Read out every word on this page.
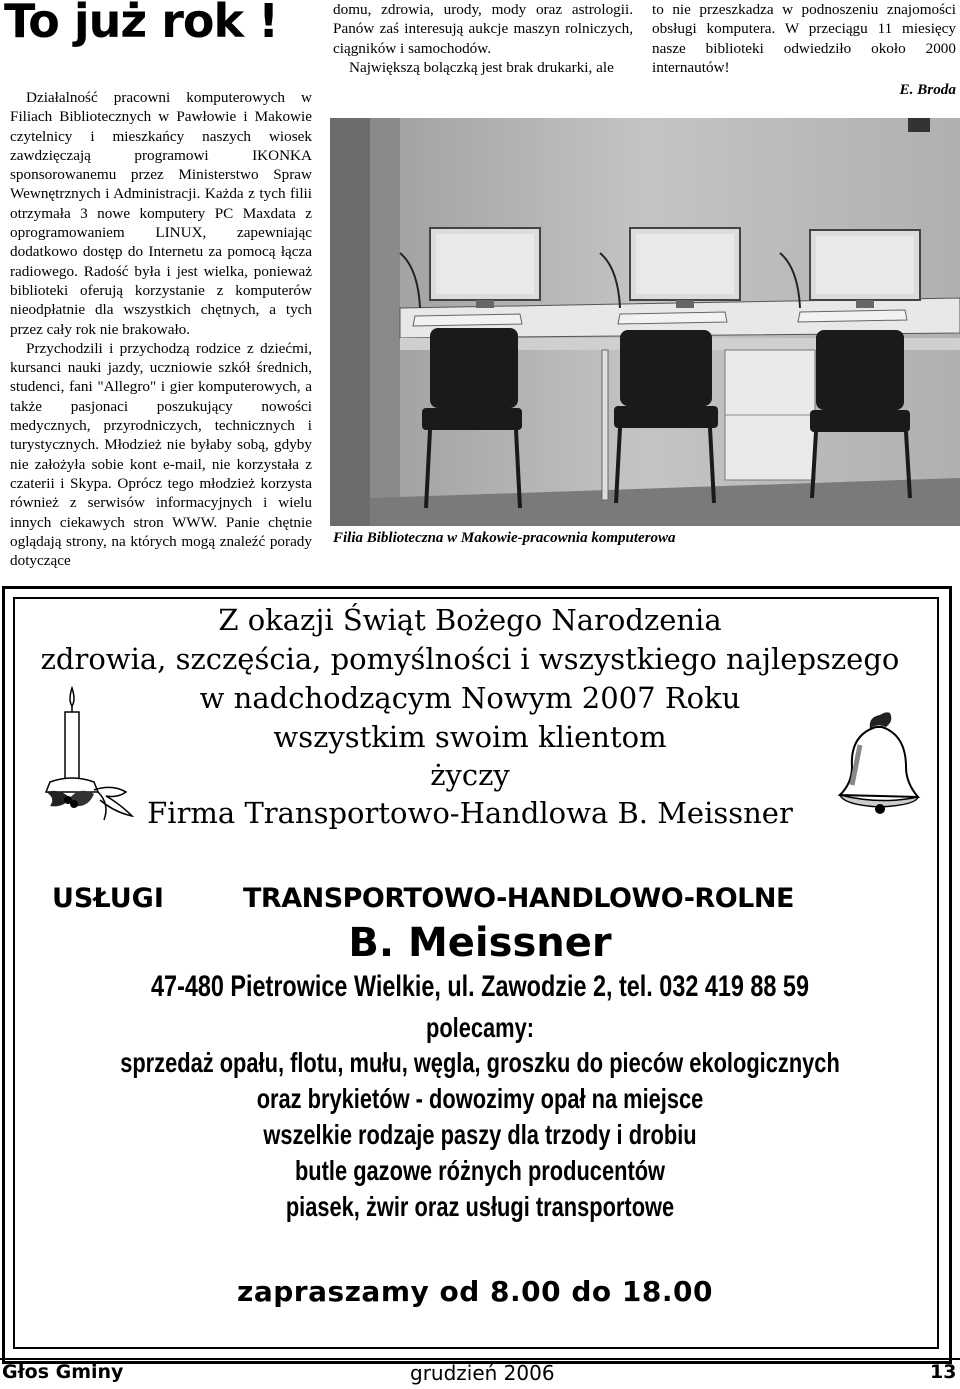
To już rok !

Działalność pracowni komputerowych w Filiach Bibliotecznych w Pawłowie i Makowie czytelnicy i mieszkańcy naszych wiosek zawdzięczają programowi IKONKA sponsorowanemu przez Ministerstwo Spraw Wewnętrznych i Administracji. Każda z tych filii otrzymała 3 nowe komputery PC Maxdata z oprogramowaniem LINUX, zapewniając dodatkowo dostęp do Internetu za pomocą łącza radiowego. Radość była i jest wielka, ponieważ biblioteki oferują korzystanie z komputerów nieodpłatnie dla wszystkich chętnych, a tych przez cały rok nie brakowało.

Przychodzili i przychodzą rodzice z dziećmi, kursanci nauki jazdy, uczniowie szkół średnich, studenci, fani "Allegro" i gier komputerowych, a także pasjonaci poszukujący nowości medycznych, przyrodniczych, technicznych i turystycznych. Młodzież nie byłaby sobą, gdyby nie założyła sobie kont e-mail, nie korzystała z czaterii i Skypa. Oprócz tego młodzież korzysta również z serwisów informacyjnych i wielu innych ciekawych stron WWW. Panie chętnie oglądają strony, na których mogą znaleźć porady dotyczące

domu, zdrowia, urody, mody oraz astrologii. Panów zaś interesują aukcje maszyn rolniczych, ciągników i samochodów.

Największą bolączką jest brak drukarki, ale

to nie przeszkadza w podnoszeniu znajomości obsługi komputera. W przeciągu 11 miesięcy nasze biblioteki odwiedziło około 2000 internautów!

E. Broda
Filia Biblioteczna w Makowie-pracownia komputerowa
Z okazji Świąt Bożego Narodzenia
zdrowia, szczęścia, pomyślności i wszystkiego najlepszego
w nadchodzącym Nowym 2007 Roku
wszystkim swoim klientom
życzy
Firma Transportowo-Handlowa B. Meissner
USŁUGI	TRANSPORTOWO-HANDLOWO-ROLNE
B. Meissner
47-480 Pietrowice Wielkie, ul. Zawodzie 2, tel. 032 419 88 59
polecamy:
sprzedaż opału, flotu, mułu, węgla, groszku do pieców ekologicznych
oraz brykietów - dowozimy opał na miejsce
wszelkie rodzaje paszy dla trzody i drobiu
butle gazowe różnych producentów
piasek, żwir oraz usługi transportowe
zapraszamy od 8.00 do 18.00
Głos Gminy	grudzień 2006	13
